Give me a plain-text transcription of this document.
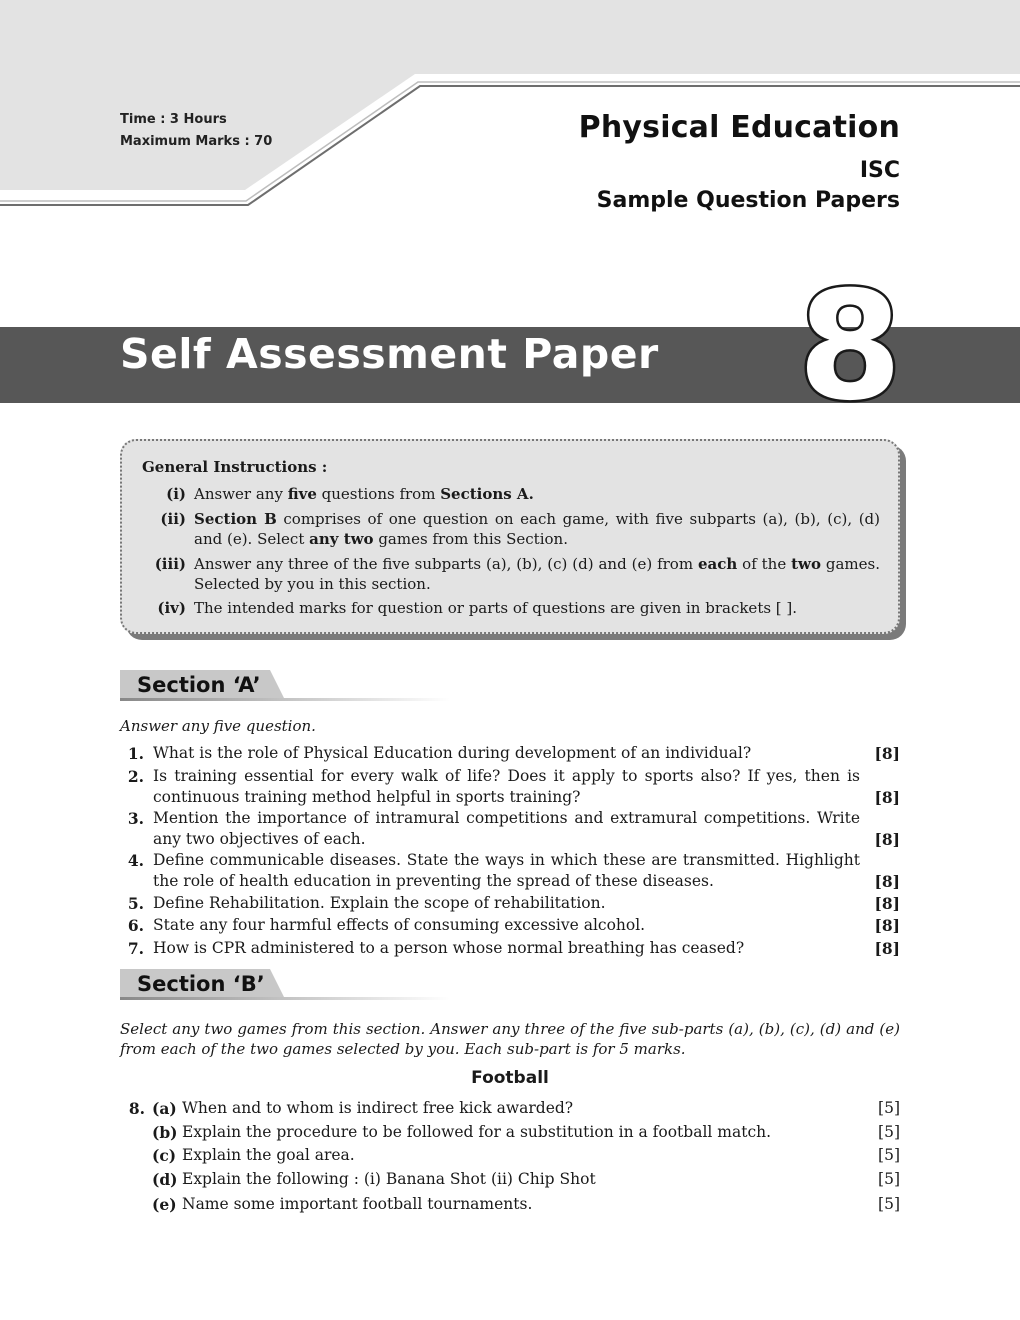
Time : 3 Hours
Maximum Marks : 70	Physical Education
ISC
Sample Question Papers
Self Assessment Paper 8
General Instructions :
(i) Answer any five questions from Sections A.
(ii) Section B comprises of one question on each game, with five subparts (a), (b), (c), (d) and (e). Select any two games from this Section.
(iii) Answer any three of the five subparts (a), (b), (c) (d) and (e) from each of the two games. Selected by you in this section.
(iv) The intended marks for question or parts of questions are given in brackets [ ].
Section ‘A’
Answer any five question.
1. What is the role of Physical Education during development of an individual?	[8]
2. Is training essential for every walk of life? Does it apply to sports also? If yes, then is continuous training method helpful in sports training?	[8]
3. Mention the importance of intramural competitions and extramural competitions. Write any two objectives of each.	[8]
4. Define communicable diseases. State the ways in which these are transmitted. Highlight the role of health education in preventing the spread of these diseases.	[8]
5. Define Rehabilitation. Explain the scope of rehabilitation.	[8]
6. State any four harmful effects of consuming excessive alcohol.	[8]
7. How is CPR administered to a person whose normal breathing has ceased?	[8]
Section ‘B’
Select any two games from this section. Answer any three of the five sub-parts (a), (b), (c), (d) and (e) from each of the two games selected by you. Each sub-part is for 5 marks.
Football
8. (a) When and to whom is indirect free kick awarded?	[5]
(b) Explain the procedure to be followed for a substitution in a football match.	[5]
(c) Explain the goal area.	[5]
(d) Explain the following : (i) Banana Shot (ii) Chip Shot	[5]
(e) Name some important football tournaments.	[5]
